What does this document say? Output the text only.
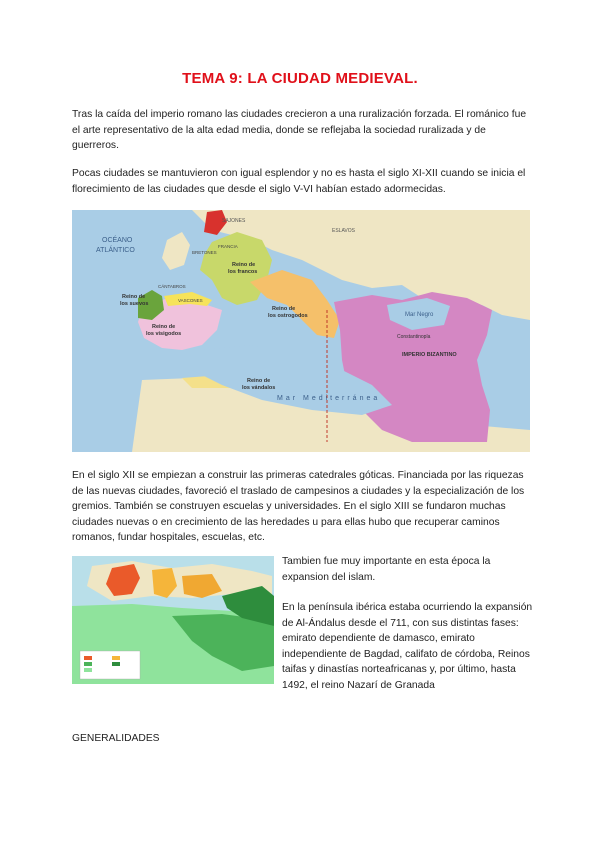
TEMA 9: LA CIUDAD MEDIEVAL.

Tras la caída del imperio romano las ciudades crecieron a una ruralización forzada. El románico fue el arte representativo de la alta edad media, donde se reflejaba la sociedad ruralizada y de guerreros.

Pocas ciudades se mantuvieron con igual esplendor y no es hasta el siglo XI-XII cuando se inicia el florecimiento de las ciudades que desde el siglo V-VI habían estado adormecidas.

OCÉANO
ATLÁNTICO
Reino de
los francos
Reino de
los suevos
Reino de
los visigodos
Reino de
los ostrogodos
Reino de
los vándalos
IMPERIO BIZANTINO
Mar Negro
Constantinopla
Mar Mediterránea
SAJONES
ESLAVOS
CÁNTABROS
VASCONES
BRETONES
FRANCIA

En el siglo XII se empiezan a construir las primeras catedrales góticas. Financiada por las riquezas de las nuevas ciudades, favoreció el traslado de campesinos a ciudades y la especialización de los gremios. También se construyen escuelas y universidades. En el siglo XIII se fundaron muchas ciudades nuevas o en crecimiento de las heredades u para ellas hubo que recuperar caminos romanos, fundar hospitales, escuelas, etc.

Tambien fue muy importante en esta época la expansion del islam.

En la península ibérica estaba ocurriendo la expansión de Al-Ándalus desde el 711, con sus distintas fases: emirato dependiente de damasco, emirato independiente de Bagdad, califato de córdoba, Reinos taifas y dinastías norteafricanas y, por último, hasta 1492, el reino Nazarí de Granada

GENERALIDADES
